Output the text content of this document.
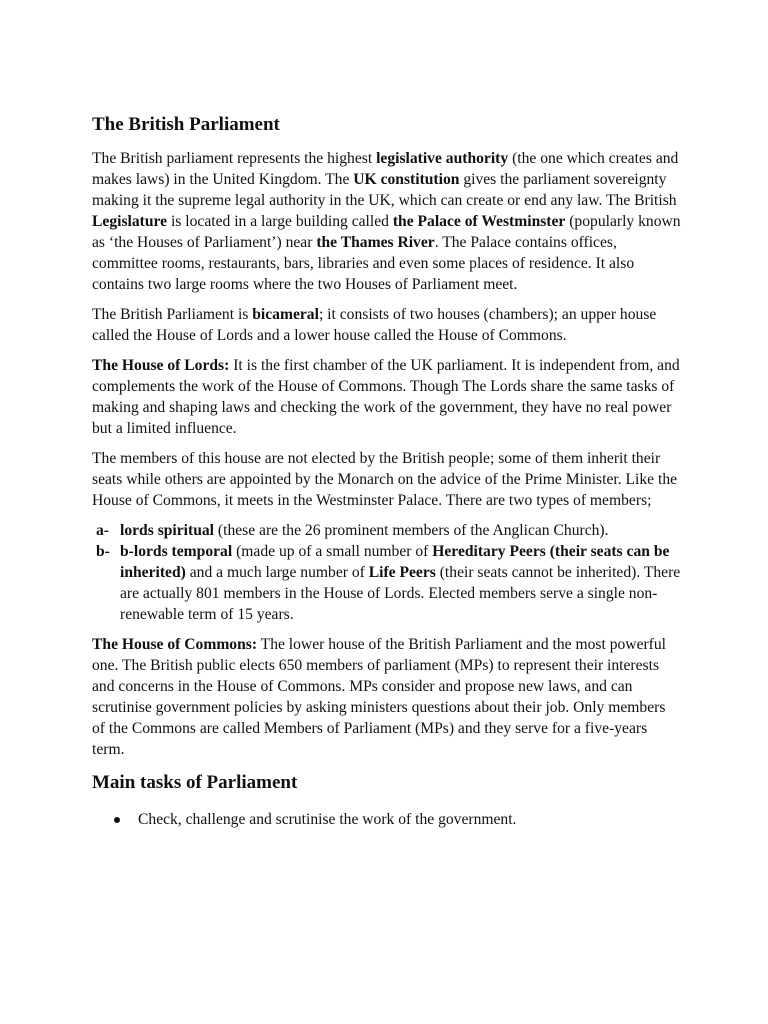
The British Parliament

The British parliament represents the highest legislative authority (the one which creates and makes laws) in the United Kingdom. The UK constitution gives the parliament sovereignty making it the supreme legal authority in the UK, which can create or end any law. The British Legislature is located in a large building called the Palace of Westminster (popularly known as ‘the Houses of Parliament’) near the Thames River. The Palace contains offices, committee rooms, restaurants, bars, libraries and even some places of residence. It also contains two large rooms where the two Houses of Parliament meet.

The British Parliament is bicameral; it consists of two houses (chambers); an upper house called the House of Lords and a lower house called the House of Commons.

The House of Lords: It is the first chamber of the UK parliament. It is independent from, and complements the work of the House of Commons. Though The Lords share the same tasks of making and shaping laws and checking the work of the government, they have no real power but a limited influence.

The members of this house are not elected by the British people; some of them inherit their seats while others are appointed by the Monarch on the advice of the Prime Minister. Like the House of Commons, it meets in the Westminster Palace. There are two types of members;

a- lords spiritual (these are the 26 prominent members of the Anglican Church).
b- b-lords temporal (made up of a small number of Hereditary Peers (their seats can be inherited) and a much large number of Life Peers (their seats cannot be inherited). There are actually 801 members in the House of Lords. Elected members serve a single non-renewable term of 15 years.

The House of Commons: The lower house of the British Parliament and the most powerful one. The British public elects 650 members of parliament (MPs) to represent their interests and concerns in the House of Commons. MPs consider and propose new laws, and can scrutinise government policies by asking ministers questions about their job. Only members of the Commons are called Members of Parliament (MPs) and they serve for a five-years term.

Main tasks of Parliament
Check, challenge and scrutinise the work of the government.
